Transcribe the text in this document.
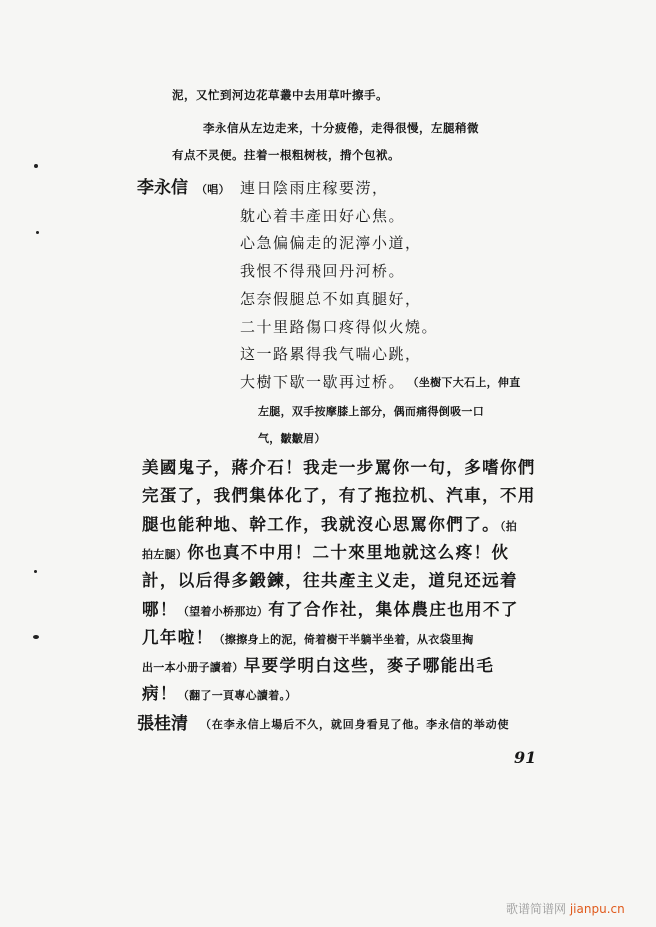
泥，又忙到河边花草叢中去用草叶擦手。
李永信从左边走来，十分疲倦，走得很慢，左腿稍微
有点不灵便。拄着一根粗树枝，揹个包袱。
李永信 （唱） 連日陰雨庄稼要涝，
躭心着丰產田好心焦。
心急偏偏走的泥濘小道，
我恨不得飛回丹河桥。
怎奈假腿总不如真腿好，
二十里路傷口疼得似火燒。
这一路累得我气喘心跳，
大樹下歇一歇再过桥。 （坐樹下大石上，伸直
左腿，双手按摩膝上部分，偶而痛得倒吸一口
气，皺皺眉）
美國鬼子，蔣介石！我走一步罵你一句，多嗜你們
完蛋了，我們集体化了，有了拖拉机、汽車，不用
腿也能种地、幹工作，我就沒心思罵你們了。（拍
拍左腿）你也真不中用！二十來里地就这么疼！伙
計，以后得多鍛鍊，往共產主义走，道兒还远着
哪！（望着小桥那边）有了合作社，集体農庄也用不了
几年啦！（擦擦身上的泥，倚着樹干半躺半坐着，从衣袋里掏
出一本小册子讀着）早要学明白这些，麥子哪能出毛
病！（翻了一頁專心讀着。）
張桂清 （在李永信上場后不久，就回身看見了他。李永信的举动使
91
歌谱简谱网 jianpu.cn
